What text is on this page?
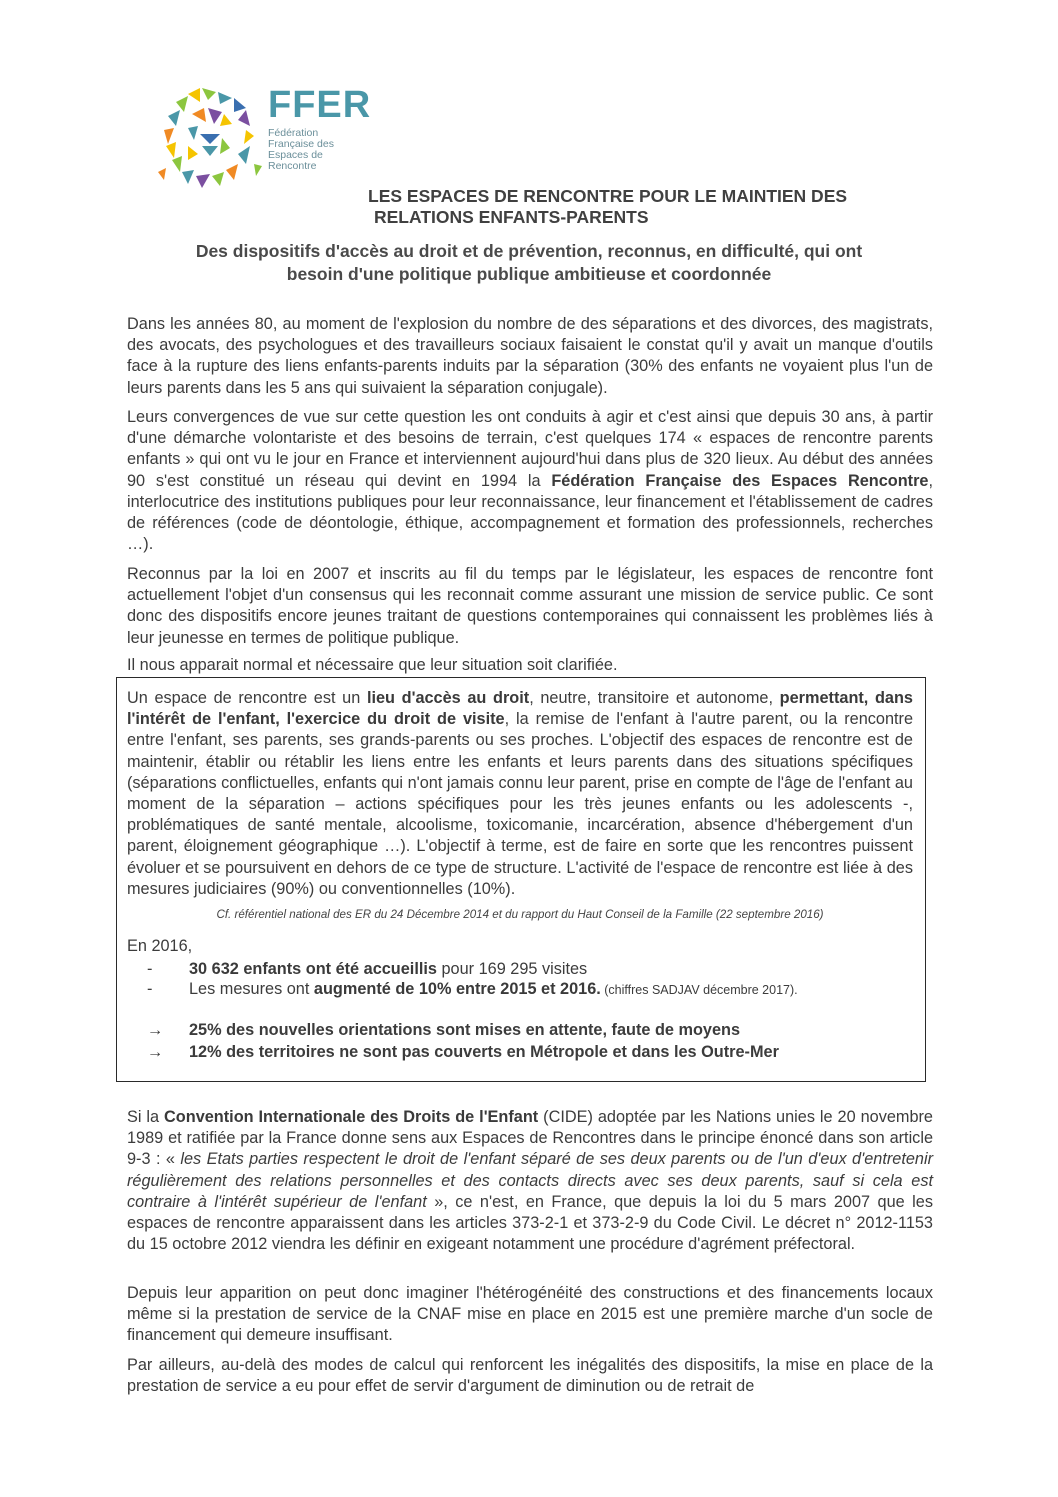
FFER
Fédération
Française des
Espaces de
Rencontre
LES ESPACES DE RENCONTRE POUR LE MAINTIEN DES
RELATIONS ENFANTS-PARENTS
Des dispositifs d'accès au droit et de prévention, reconnus, en difficulté, qui ont
besoin d'une politique publique ambitieuse et coordonnée
Dans les années 80, au moment de l'explosion du nombre de des séparations et des divorces, des magistrats, des avocats, des psychologues et des travailleurs sociaux faisaient le constat qu'il y avait un manque d'outils face à la rupture des liens enfants-parents induits par la séparation (30% des enfants ne voyaient plus l'un de leurs parents dans les 5 ans qui suivaient la séparation conjugale).
Leurs convergences de vue sur cette question les ont conduits à agir et c'est ainsi que depuis 30 ans, à partir d'une démarche volontariste et des besoins de terrain, c'est quelques 174 « espaces de rencontre parents enfants » qui ont vu le jour en France et interviennent aujourd'hui dans plus de 320 lieux. Au début des années 90 s'est constitué un réseau qui devint en 1994 la Fédération Française des Espaces Rencontre, interlocutrice des institutions publiques pour leur reconnaissance, leur financement et l'établissement de cadres de références (code de déontologie, éthique, accompagnement et formation des professionnels, recherches …).
Reconnus par la loi en 2007 et inscrits au fil du temps par le législateur, les espaces de rencontre font actuellement l'objet d'un consensus qui les reconnait comme assurant une mission de service public. Ce sont donc des dispositifs encore jeunes traitant de questions contemporaines qui connaissent les problèmes liés à leur jeunesse en termes de politique publique.
Il nous apparait normal et nécessaire que leur situation soit clarifiée.
Un espace de rencontre est un lieu d'accès au droit, neutre, transitoire et autonome, permettant, dans l'intérêt de l'enfant, l'exercice du droit de visite, la remise de l'enfant à l'autre parent, ou la rencontre entre l'enfant, ses parents, ses grands-parents ou ses proches. L'objectif des espaces de rencontre est de maintenir, établir ou rétablir les liens entre les enfants et leurs parents dans des situations spécifiques (séparations conflictuelles, enfants qui n'ont jamais connu leur parent, prise en compte de l'âge de l'enfant au moment de la séparation – actions spécifiques pour les très jeunes enfants ou les adolescents -, problématiques de santé mentale, alcoolisme, toxicomanie, incarcération, absence d'hébergement d'un parent, éloignement géographique …). L'objectif à terme, est de faire en sorte que les rencontres puissent évoluer et se poursuivent en dehors de ce type de structure. L'activité de l'espace de rencontre est liée à des mesures judiciaires (90%) ou conventionnelles (10%).
Cf. référentiel national des ER du 24 Décembre 2014 et du rapport du Haut Conseil de la Famille (22 septembre 2016)
En 2016,
- 30 632 enfants ont été accueillis pour 169 295 visites
- Les mesures ont augmenté de 10% entre 2015 et 2016. (chiffres SADJAV décembre 2017).
→ 25% des nouvelles orientations sont mises en attente, faute de moyens
→ 12% des territoires ne sont pas couverts en Métropole et dans les Outre-Mer
Si la Convention Internationale des Droits de l'Enfant (CIDE) adoptée par les Nations unies le 20 novembre 1989 et ratifiée par la France donne sens aux Espaces de Rencontres dans le principe énoncé dans son article 9-3 : « les Etats parties respectent le droit de l'enfant séparé de ses deux parents ou de l'un d'eux d'entretenir régulièrement des relations personnelles et des contacts directs avec ses deux parents, sauf si cela est contraire à l'intérêt supérieur de l'enfant », ce n'est, en France, que depuis la loi du 5 mars 2007 que les espaces de rencontre apparaissent dans les articles 373-2-1 et 373-2-9 du Code Civil. Le décret n° 2012-1153 du 15 octobre 2012 viendra les définir en exigeant notamment une procédure d'agrément préfectoral.
Depuis leur apparition on peut donc imaginer l'hétérogénéité des constructions et des financements locaux même si la prestation de service de la CNAF mise en place en 2015 est une première marche d'un socle de financement qui demeure insuffisant.
Par ailleurs, au-delà des modes de calcul qui renforcent les inégalités des dispositifs, la mise en place de la prestation de service a eu pour effet de servir d'argument de diminution ou de retrait de
